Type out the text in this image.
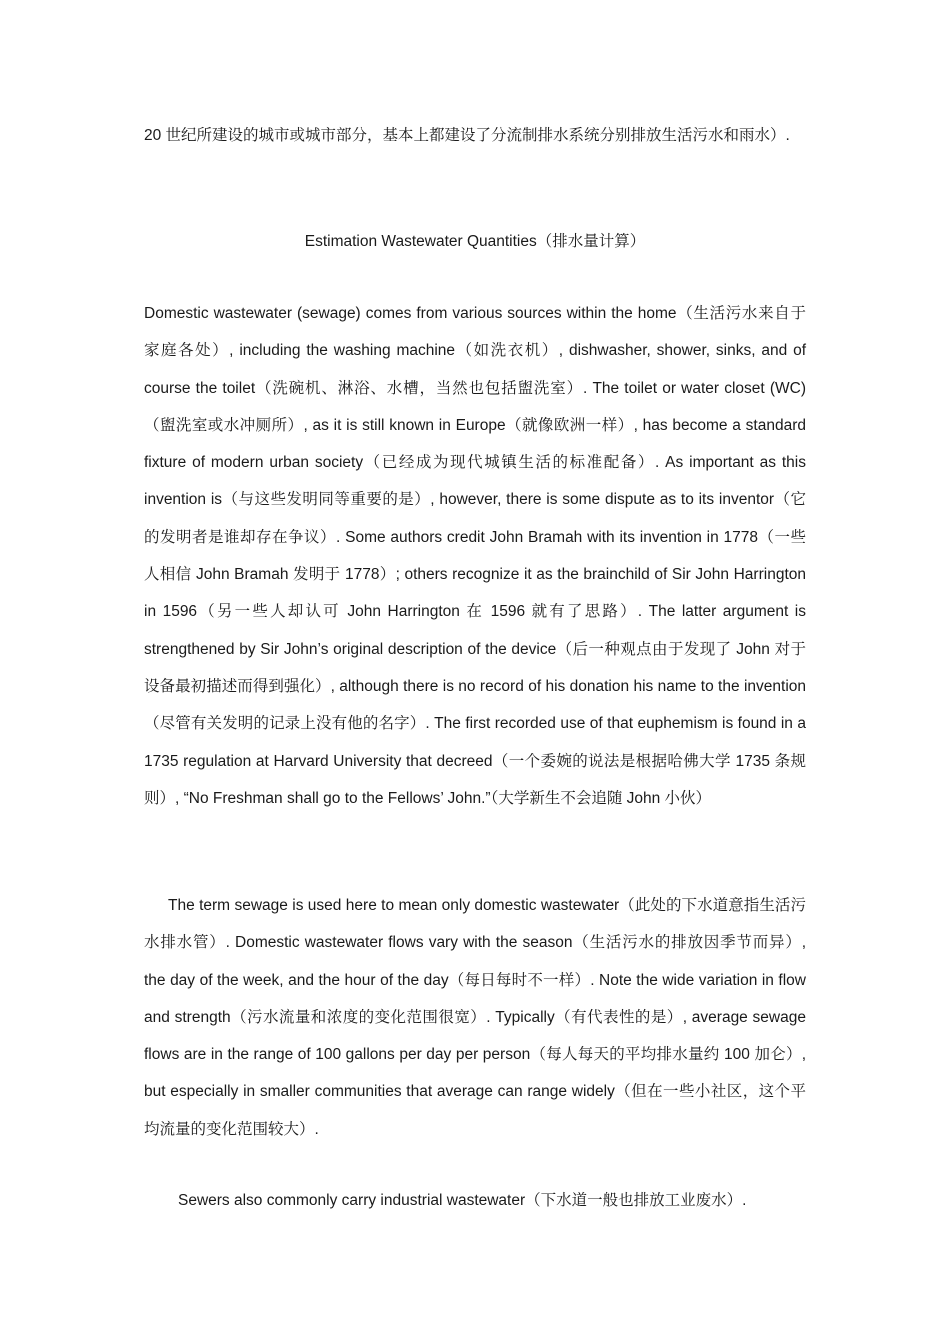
20 世纪所建设的城市或城市部分，基本上都建设了分流制排水系统分别排放生活污水和雨水）.

Estimation Wastewater Quantities（排水量计算）

Domestic wastewater (sewage) comes from various sources within the home（生活污水来自于家庭各处）, including the washing machine（如洗衣机）, dishwasher, shower, sinks, and of course the toilet（洗碗机、淋浴、水槽，当然也包括盥洗室）. The toilet or water closet (WC)（盥洗室或水冲厕所）, as it is still known in Europe（就像欧洲一样）, has become a standard fixture of modern urban society（已经成为现代城镇生活的标准配备）. As important as this invention is（与这些发明同等重要的是）, however, there is some dispute as to its inventor（它的发明者是谁却存在争议）. Some authors credit John Bramah with its invention in 1778（一些人相信 John Bramah 发明于 1778）; others recognize it as the brainchild of Sir John Harrington in 1596（另一些人却认可 John Harrington 在 1596 就有了思路）. The latter argument is strengthened by Sir John’s original description of the device（后一种观点由于发现了 John 对于设备最初描述而得到强化）, although there is no record of his donation his name to the invention（尽管有关发明的记录上没有他的名字）. The first recorded use of that euphemism is found in a 1735 regulation at Harvard University that decreed（一个委婉的说法是根据哈佛大学 1735 条规则）, “No Freshman shall go to the Fellows’ John.”（大学新生不会追随 John 小伙）

The term sewage is used here to mean only domestic wastewater（此处的下水道意指生活污水排水管）. Domestic wastewater flows vary with the season（生活污水的排放因季节而异）, the day of the week, and the hour of the day（每日每时不一样）. Note the wide variation in flow and strength（污水流量和浓度的变化范围很宽）. Typically（有代表性的是）, average sewage flows are in the range of 100 gallons per day per person（每人每天的平均排水量约 100 加仑）, but especially in smaller communities that average can range widely（但在一些小社区，这个平均流量的变化范围较大）.

Sewers also commonly carry industrial wastewater（下水道一般也排放工业废水）.
